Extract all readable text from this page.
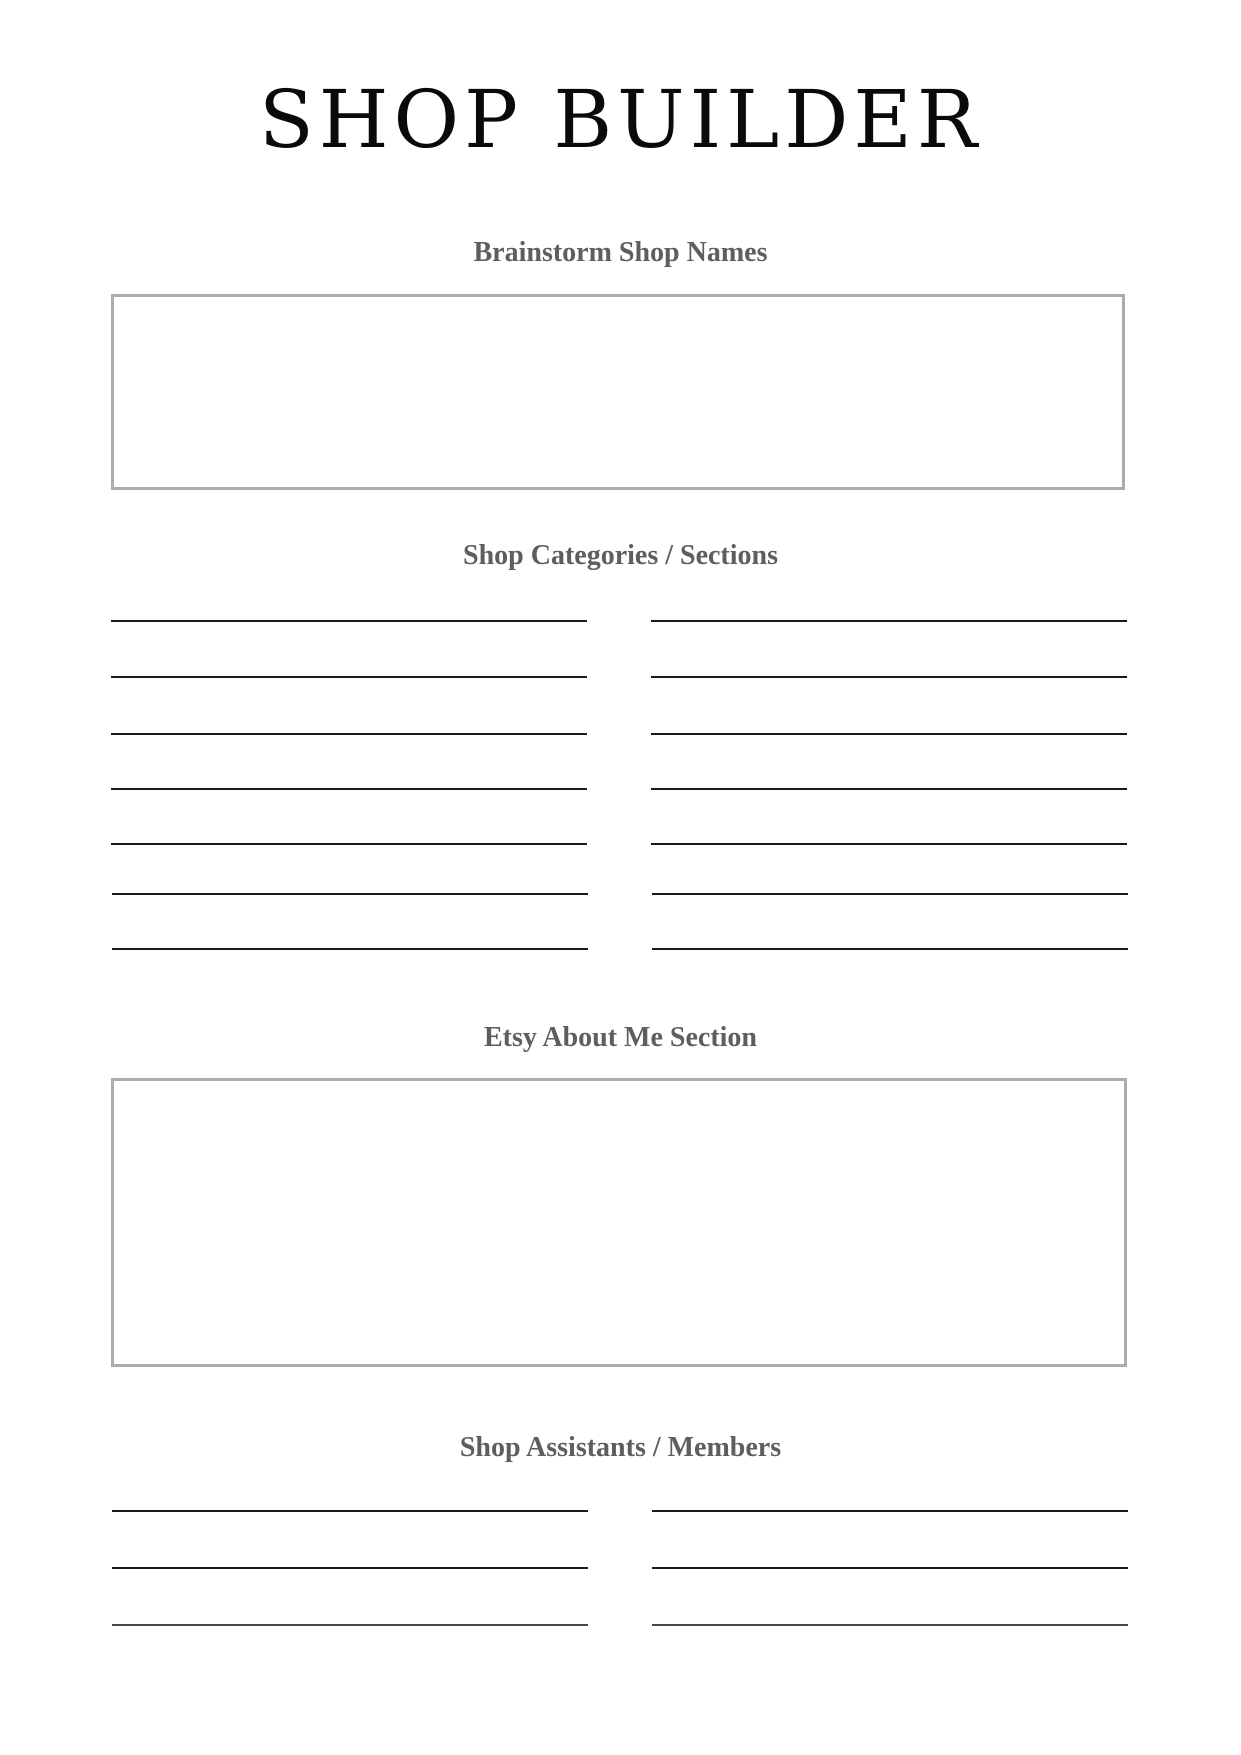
SHOP BUILDER
Brainstorm Shop Names
Shop Categories / Sections
Etsy About Me Section
Shop Assistants / Members
